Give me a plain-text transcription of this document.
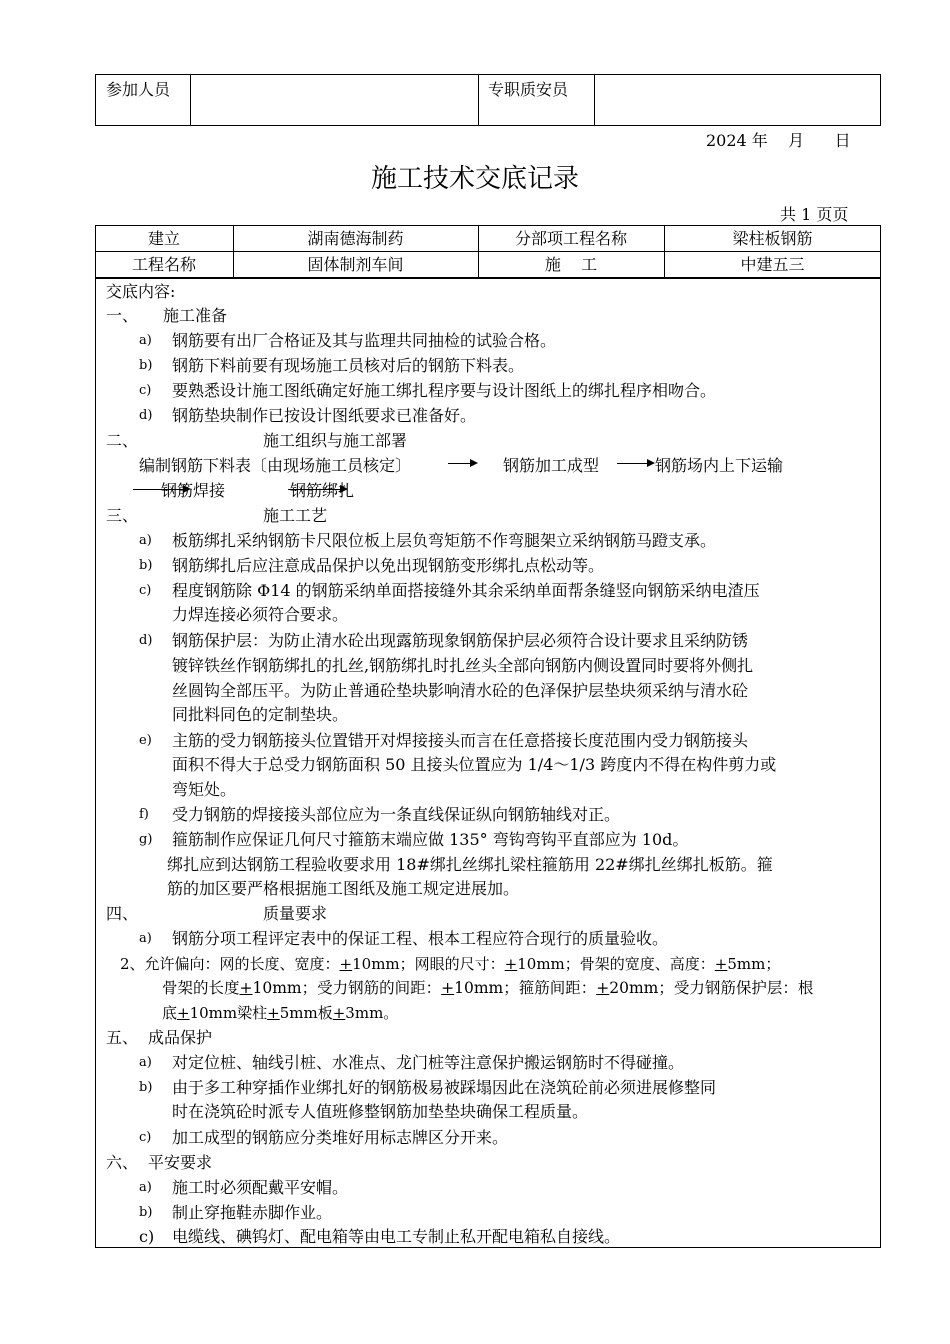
参加人员	专职质安员
2024 年    月      日
施工技术交底记录
共 1 页页
建立	湖南德海制药	分部项工程名称	梁柱板钢筋
工程名称	固体制剂车间	施    工	中建五三
交底内容:
一、 施工准备
a) 钢筋要有出厂合格证及其与监理共同抽检的试验合格。
b) 钢筋下料前要有现场施工员核对后的钢筋下料表。
c) 要熟悉设计施工图纸确定好施工绑扎程序要与设计图纸上的绑扎程序相吻合。
d) 钢筋垫块制作已按设计图纸要求已准备好。
二、	施工组织与施工部署
编制钢筋下料表〔由现场施工员核定〕	钢筋加工成型	钢筋场内上下运输
钢筋焊接	钢筋绑扎
三、	施工工艺
a) 板筋绑扎采纳钢筋卡尺限位板上层负弯矩筋不作弯腿架立采纳钢筋马蹬支承。
b) 钢筋绑扎后应注意成品保护以免出现钢筋变形绑扎点松动等。
c) 程度钢筋除 Φ14 的钢筋采纳单面搭接缝外其余采纳单面帮条缝竖向钢筋采纳电渣压
力焊连接必须符合要求。
d) 钢筋保护层：为防止清水砼出现露筋现象钢筋保护层必须符合设计要求且采纳防锈
镀锌铁丝作钢筋绑扎的扎丝,钢筋绑扎时扎丝头全部向钢筋内侧设置同时要将外侧扎
丝圆钩全部压平。为防止普通砼垫块影响清水砼的色泽保护层垫块须采纳与清水砼
同批料同色的定制垫块。
e) 主筋的受力钢筋接头位置错开对焊接接头而言在任意搭接长度范围内受力钢筋接头
面积不得大于总受力钢筋面积 50 且接头位置应为 1/4～1/3 跨度内不得在构件剪力或
弯矩处。
f) 受力钢筋的焊接接头部位应为一条直线保证纵向钢筋轴线对正。
g) 箍筋制作应保证几何尺寸箍筋末端应做 135° 弯钩弯钩平直部应为 10d。
绑扎应到达钢筋工程验收要求用 18#绑扎丝绑扎梁柱箍筋用 22#绑扎丝绑扎板筋。箍
筋的加区要严格根据施工图纸及施工规定进展加。
四、	质量要求
a) 钢筋分项工程评定表中的保证工程、根本工程应符合现行的质量验收。
2、允许偏向：网的长度、宽度：+10mm；网眼的尺寸：+10mm；骨架的宽度、高度：+5mm；
骨架的长度+10mm；受力钢筋的间距：+10mm；箍筋间距：+20mm；受力钢筋保护层：根
底+10mm梁柱+5mm板+3mm。
五、 成品保护
a) 对定位桩、轴线引桩、水准点、龙门桩等注意保护搬运钢筋时不得碰撞。
b) 由于多工种穿插作业绑扎好的钢筋极易被踩塌因此在浇筑砼前必须进展修整同
时在浇筑砼时派专人值班修整钢筋加垫垫块确保工程质量。
c) 加工成型的钢筋应分类堆好用标志牌区分开来。
六、 平安要求
a) 施工时必须配戴平安帽。
b) 制止穿拖鞋赤脚作业。
c) 电缆线、碘钨灯、配电箱等由电工专制止私开配电箱私自接线。
